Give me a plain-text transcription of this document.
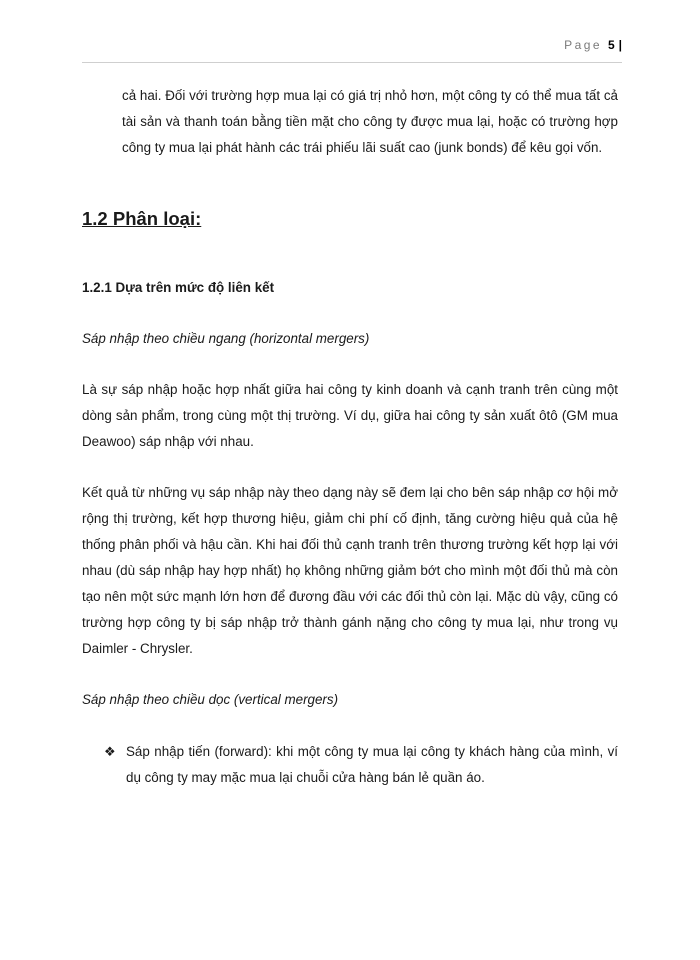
Page 5 |

cả hai. Đối với trường hợp mua lại có giá trị nhỏ hơn, một công ty có thể mua tất cả tài sản và thanh toán bằng tiền mặt cho công ty được mua lại, hoặc có trường hợp công ty mua lại phát hành các trái phiếu lãi suất cao (junk bonds) để kêu gọi vốn.

1.2 Phân loại:
1.2.1 Dựa trên mức độ liên kết

Sáp nhập theo chiều ngang (horizontal mergers)

Là sự sáp nhập hoặc hợp nhất giữa hai công ty kinh doanh và cạnh tranh trên cùng một dòng sản phẩm, trong cùng một thị trường. Ví dụ, giữa hai công ty sản xuất ôtô (GM mua Deawoo) sáp nhập với nhau.

Kết quả từ những vụ sáp nhập này theo dạng này sẽ đem lại cho bên sáp nhập cơ hội mở rộng thị trường, kết hợp thương hiệu, giảm chi phí cố định, tăng cường hiệu quả của hệ thống phân phối và hậu cần. Khi hai đối thủ cạnh tranh trên thương trường kết hợp lại với nhau (dù sáp nhập hay hợp nhất) họ không những giảm bớt cho mình một đối thủ mà còn tạo nên một sức mạnh lớn hơn để đương đầu với các đối thủ còn lại. Mặc dù vậy, cũng có trường hợp công ty bị sáp nhập trở thành gánh nặng cho công ty mua lại, như trong vụ Daimler - Chrysler.

Sáp nhập theo chiều dọc (vertical mergers)

❖ Sáp nhập tiến (forward): khi một công ty mua lại công ty khách hàng của mình, ví dụ công ty may mặc mua lại chuỗi cửa hàng bán lẻ quần áo.
